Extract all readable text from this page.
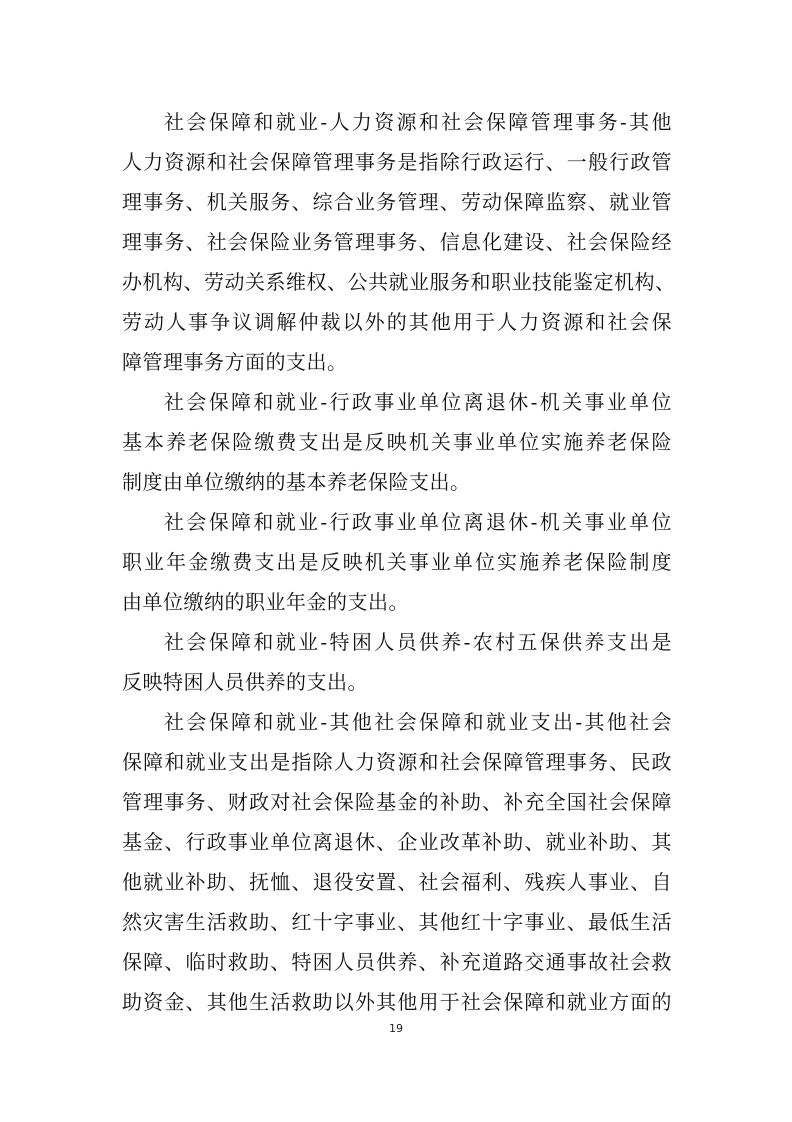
社会保障和就业-人力资源和社会保障管理事务-其他
人力资源和社会保障管理事务是指除行政运行、一般行政管
理事务、机关服务、综合业务管理、劳动保障监察、就业管
理事务、社会保险业务管理事务、信息化建设、社会保险经
办机构、劳动关系维权、公共就业服务和职业技能鉴定机构、
劳动人事争议调解仲裁以外的其他用于人力资源和社会保
障管理事务方面的支出。
社会保障和就业-行政事业单位离退休-机关事业单位
基本养老保险缴费支出是反映机关事业单位实施养老保险
制度由单位缴纳的基本养老保险支出。
社会保障和就业-行政事业单位离退休-机关事业单位
职业年金缴费支出是反映机关事业单位实施养老保险制度
由单位缴纳的职业年金的支出。
社会保障和就业-特困人员供养-农村五保供养支出是
反映特困人员供养的支出。
社会保障和就业-其他社会保障和就业支出-其他社会
保障和就业支出是指除人力资源和社会保障管理事务、民政
管理事务、财政对社会保险基金的补助、补充全国社会保障
基金、行政事业单位离退休、企业改革补助、就业补助、其
他就业补助、抚恤、退役安置、社会福利、残疾人事业、自
然灾害生活救助、红十字事业、其他红十字事业、最低生活
保障、临时救助、特困人员供养、补充道路交通事故社会救
助资金、其他生活救助以外其他用于社会保障和就业方面的
19
